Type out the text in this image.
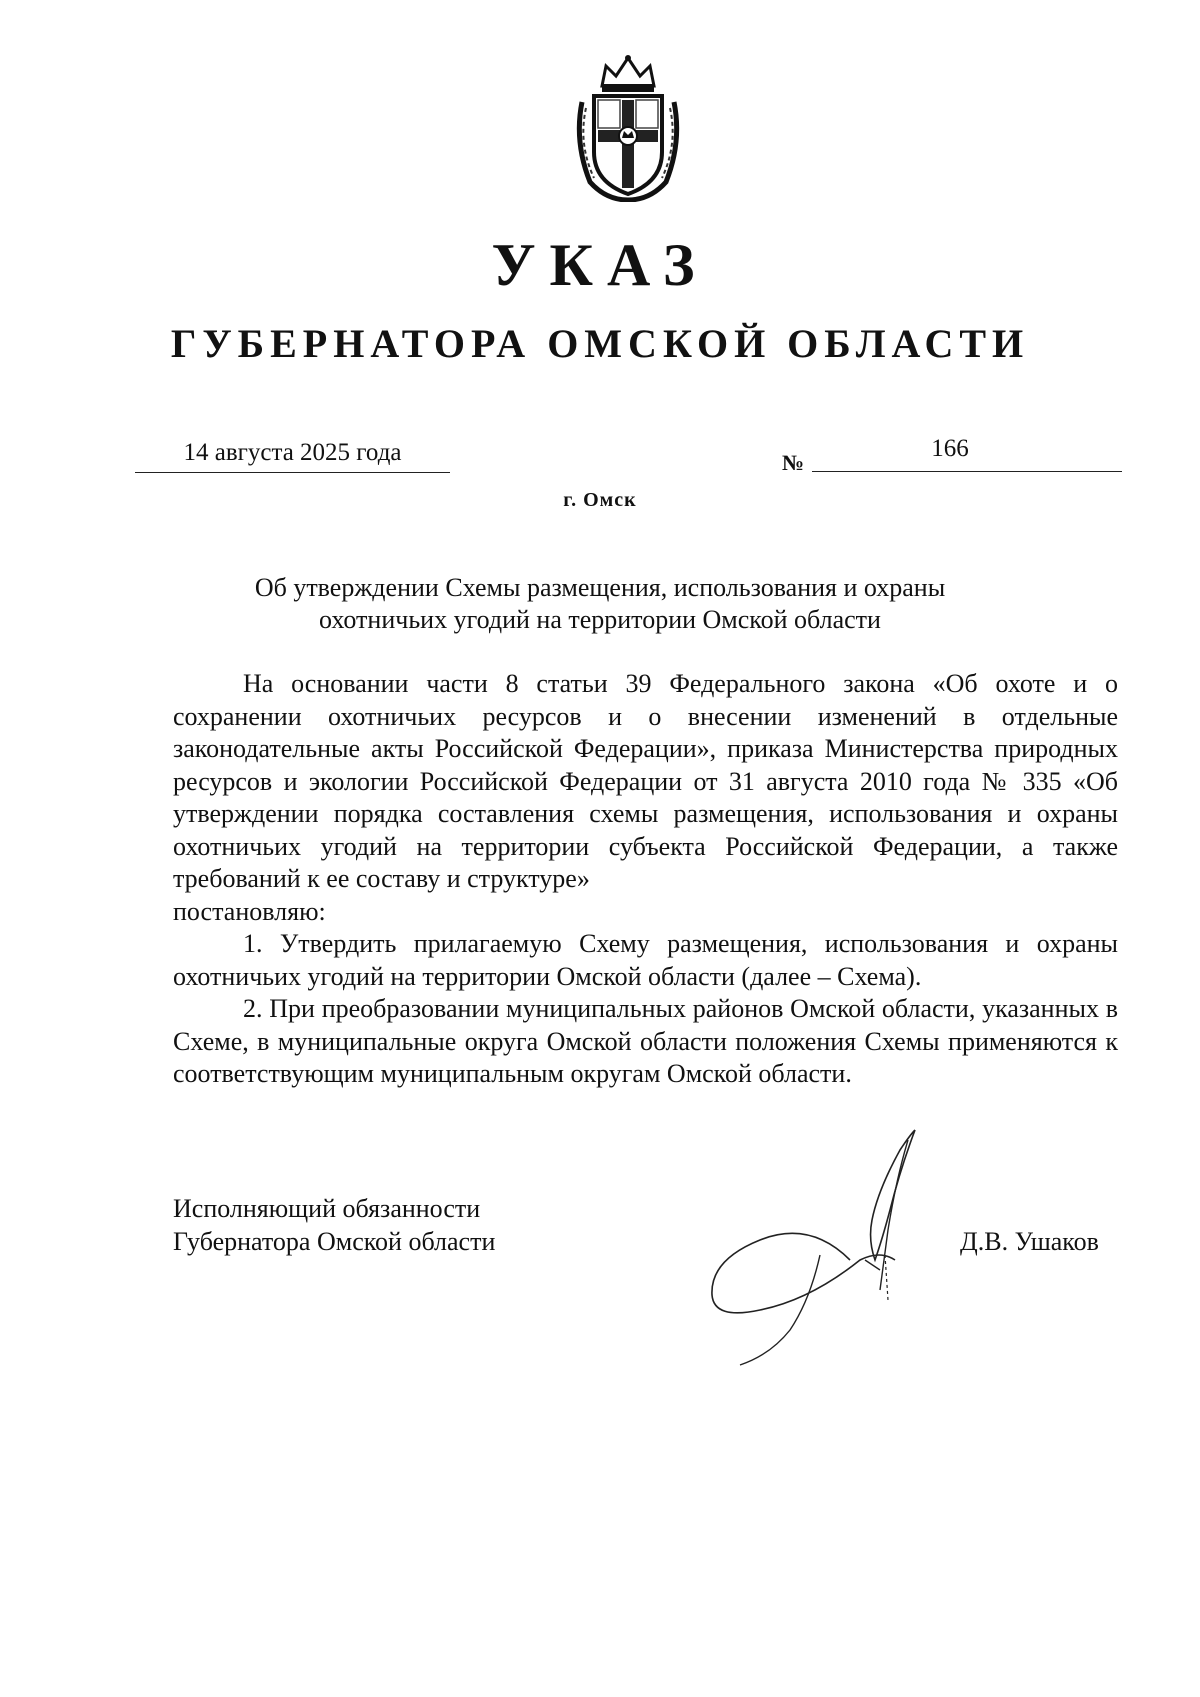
УКАЗ
ГУБЕРНАТОРА ОМСКОЙ ОБЛАСТИ
14 августа 2025 года	№
166
г. Омск
Об утверждении Схемы размещения, использования и охраны
охотничьих угодий на территории Омской области

На основании части 8 статьи 39 Федерального закона «Об охоте и о сохранении охотничьих ресурсов и о внесении изменений в отдельные законодательные акты Российской Федерации», приказа Министерства природных ресурсов и экологии Российской Федерации от 31 августа 2010 года № 335 «Об утверждении порядка составления схемы размещения, использования и охраны охотничьих угодий на территории субъекта Российской Федерации, а также требований к ее составу и структуре»

постановляю:

1. Утвердить прилагаемую Схему размещения, использования и охраны охотничьих угодий на территории Омской области (далее – Схема).

2. При преобразовании муниципальных районов Омской области, указанных в Схеме, в муниципальные округа Омской области положения Схемы применяются к соответствующим муниципальным округам Омской области.

Исполняющий обязанности
Губернатора Омской области	Д.В. Ушаков
